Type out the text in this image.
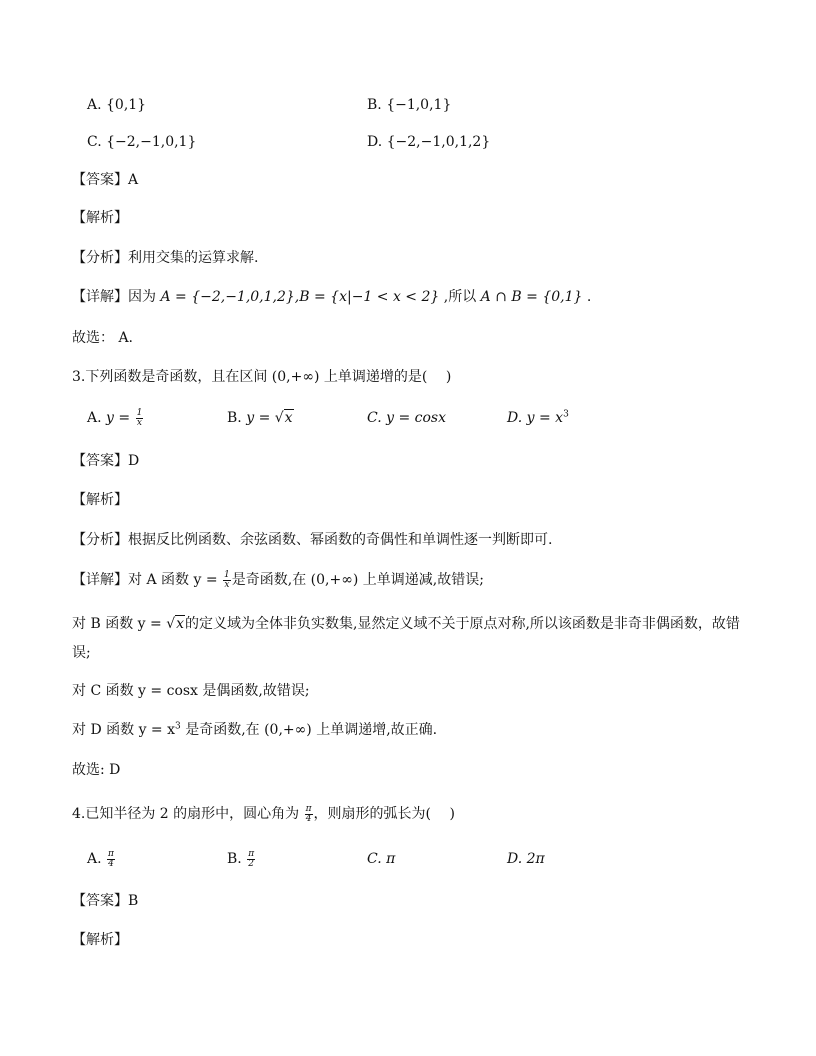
A. {0,1}	B. {−1,0,1}
C. {−2,−1,0,1}	D. {−2,−1,0,1,2}
【答案】A
【解析】
【分析】利用交集的运算求解.
【详解】因为 A = {−2,−1,0,1,2},B = {x|−1 < x < 2} ,所以 A ∩ B = {0,1} .
故选： A.
3.下列函数是奇函数，且在区间 (0,+∞) 上单调递增的是(　 )
A. $y = \frac{1}{x}$	B. y = √x	C. y = cosx	D. $y = x^3$
【答案】D
【解析】
【分析】根据反比例函数、余弦函数、幂函数的奇偶性和单调性逐一判断即可.
【详解】对 A 函数 $y = \frac{1}{x}$ 是奇函数,在 (0,+∞) 上单调递减,故错误;
对 B 函数 y = √x的定义域为全体非负实数集,显然定义域不关于原点对称,所以该函数是非奇非偶函数，故错
误;
对 C 函数 y = cosx 是偶函数,故错误;
对 D 函数 $y = x^3$ 是奇函数,在 (0,+∞) 上单调递增,故正确.
故选: D
4.已知半径为 2 的扇形中，圆心角为 $\frac{\pi}{4}$ ，则扇形的弧长为(　 )
A. $\frac{\pi}{4}$	B. $\frac{\pi}{2}$	C. π	D. 2π
【答案】B
【解析】
